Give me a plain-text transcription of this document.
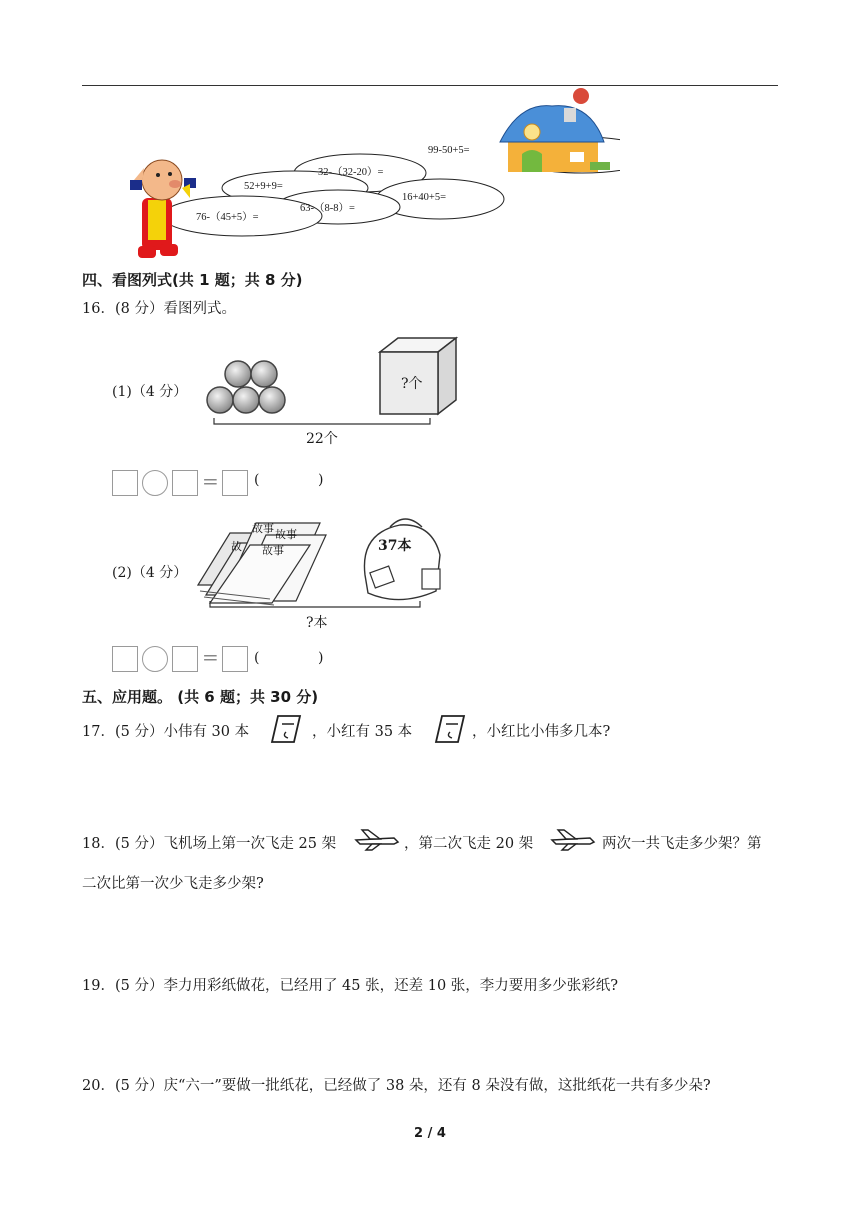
99-50+5=
32-（32-20）=
52+9+9=
16+40+5=
63-（8-8）=
76-（45+5）=
四、看图列式(共 1 题；共 8 分)
16．(8 分）看图列式。
(1)（4 分）	?个
22个
=	(	)
(2)（4 分）
故事 故事
故 故事	37本
?本
=	(	)
五、应用题。 (共 6 题；共 30 分)
17．(5 分）小伟有 30 本	，小红有 35 本	，小红比小伟多几本?
18．(5 分）飞机场上第一次飞走 25 架	，第二次飞走 20 架	两次一共飞走多少架？第
二次比第一次少飞走多少架?
19．(5 分）李力用彩纸做花，已经用了 45 张，还差 10 张，李力要用多少张彩纸?
20．(5 分）庆“六一”要做一批纸花，已经做了 38 朵，还有 8 朵没有做，这批纸花一共有多少朵?
2 / 4
